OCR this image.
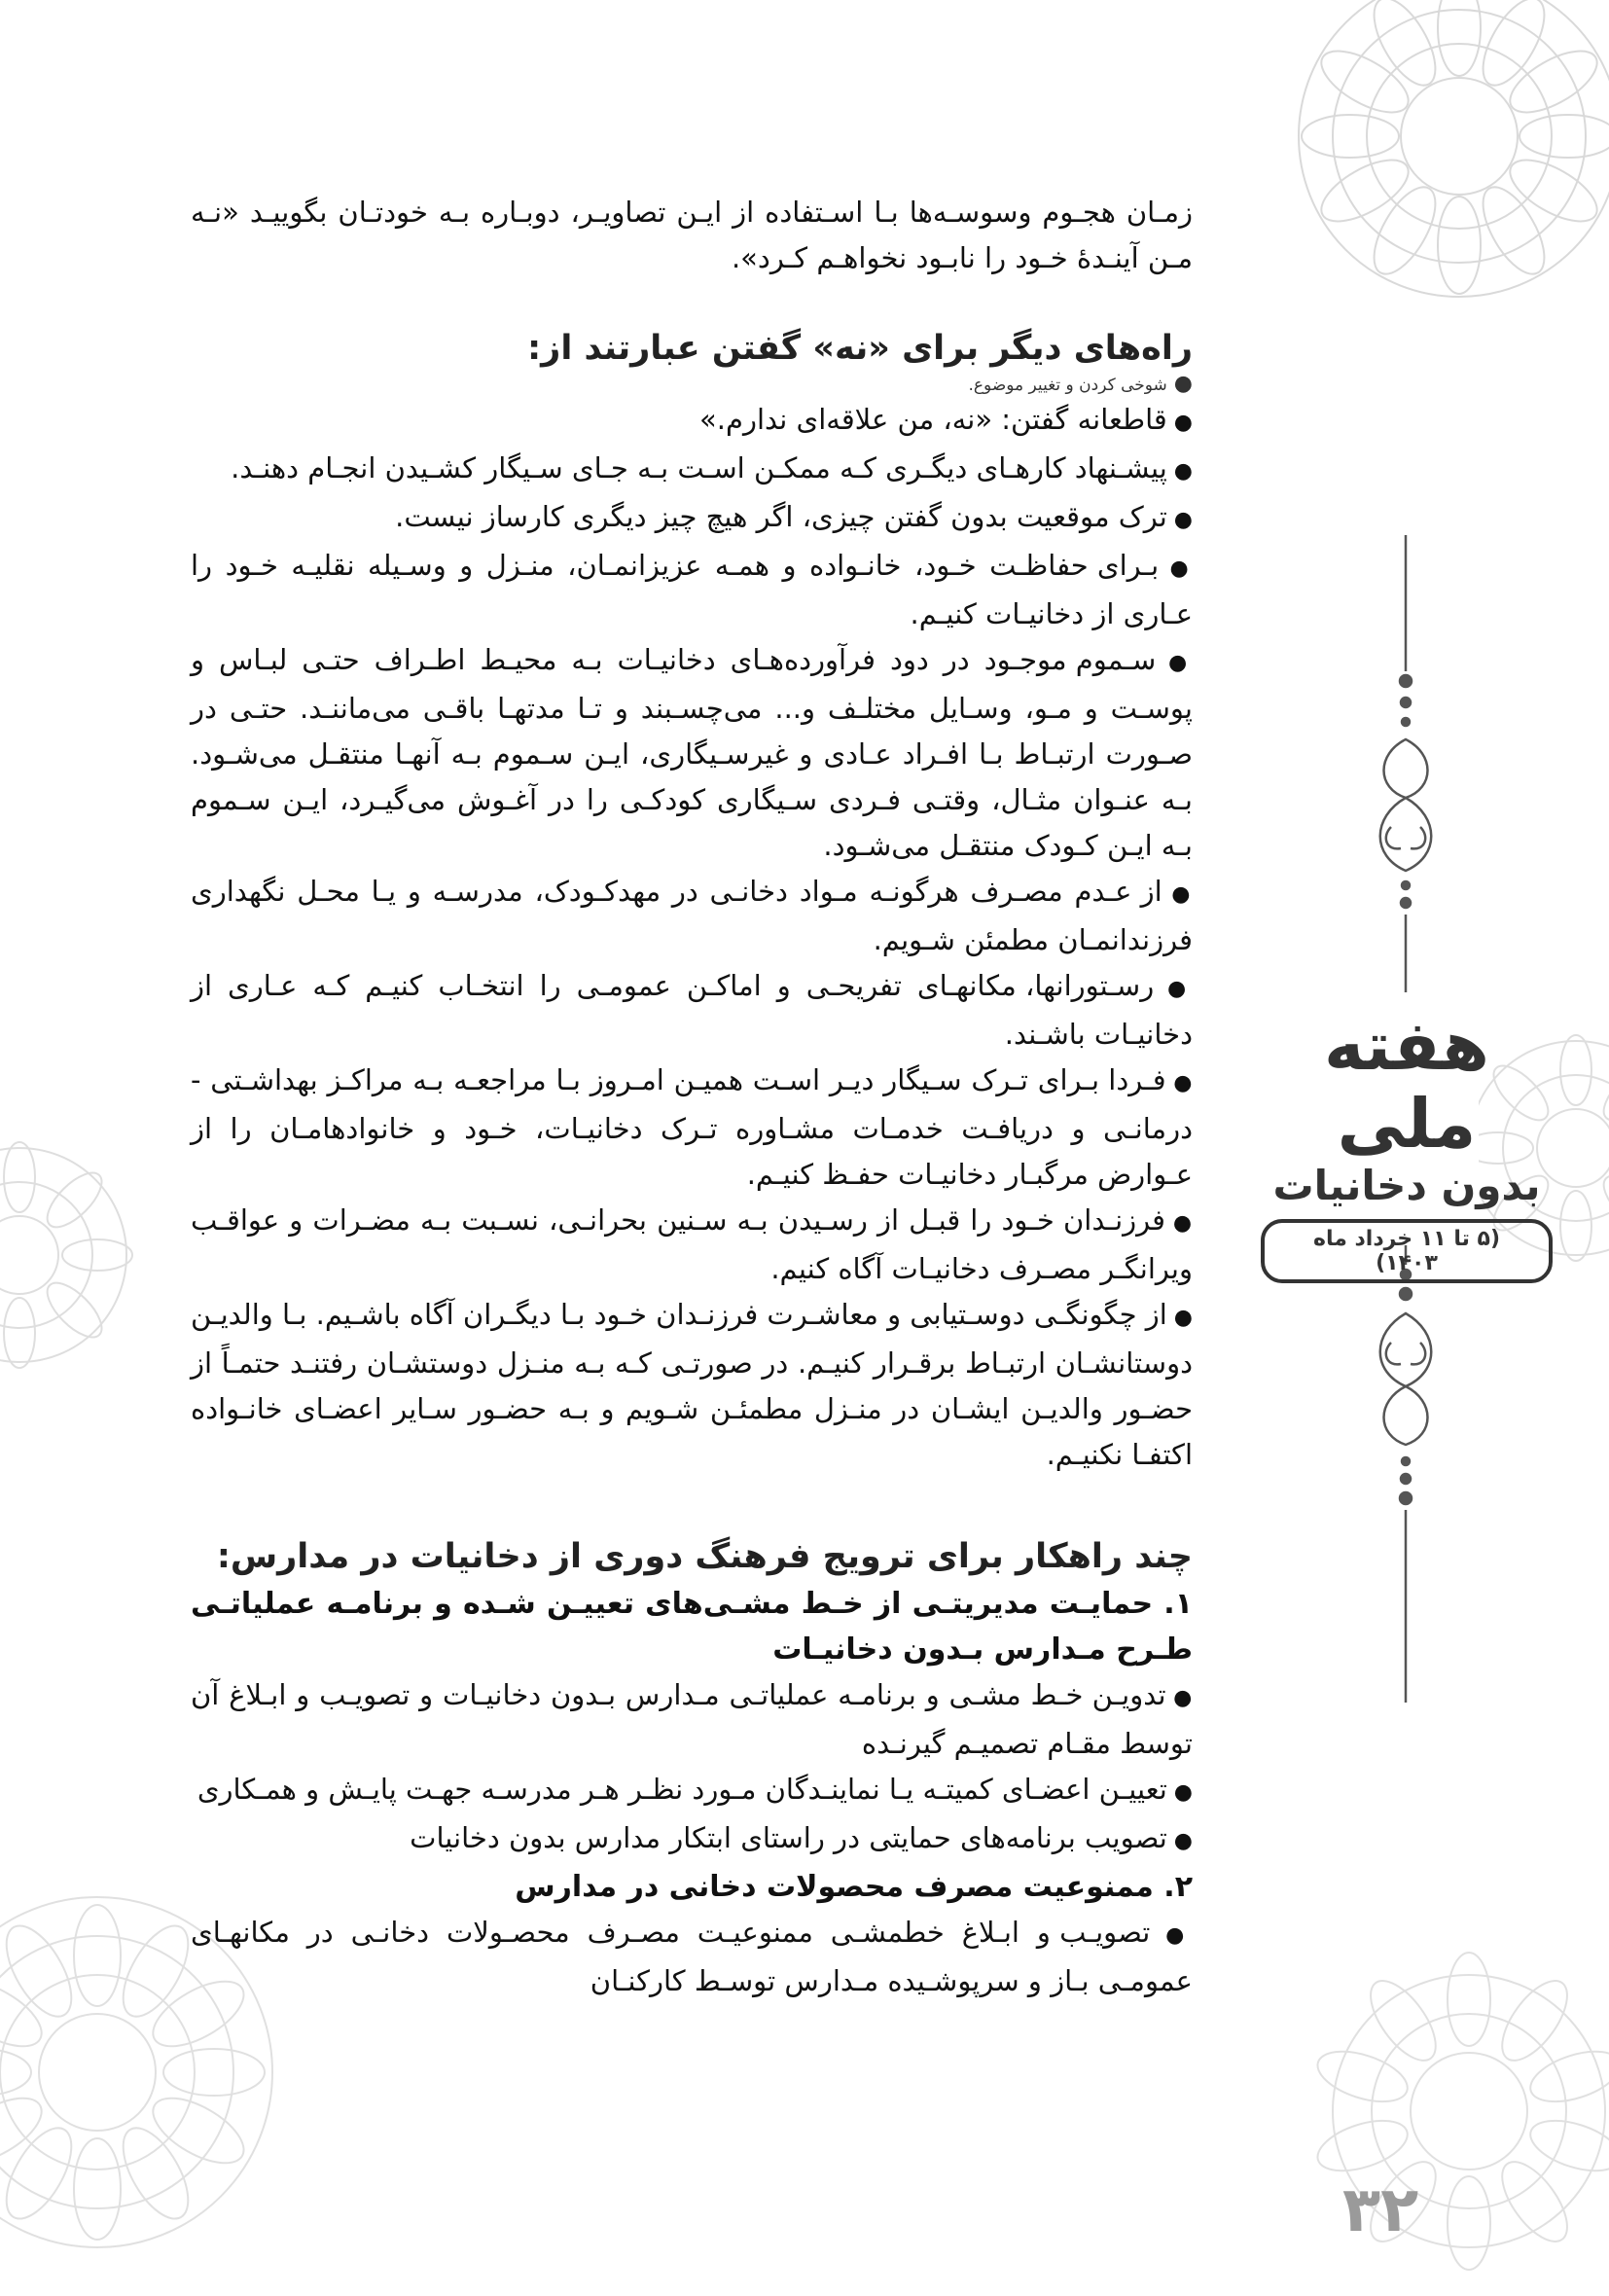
هفته ملی
بدون دخانیات
(۵ تا ۱۱ خرداد ماه ۱۴۰۳)

زمـان هجـوم وسوسـه‌ها بـا اسـتفاده از ایـن تصاویـر، دوبـاره بـه خودتـان بگوییـد «نـه مـن آینـدهٔ خـود را نابـود نخواهـم کـرد».

راه‌های دیگر برای «نه» گفتن عبارتند از:

● شوخی کردن و تغییر موضوع.

● قاطعانه گفتن: «نه، من علاقه‌ای ندارم.»

● پیشـنهاد کارهـای دیگـری کـه ممکـن اسـت بـه جـای سـیگار کشـیدن انجـام دهنـد.

● ترک موقعیت بدون گفتن چیزی، اگر هیچ چیز دیگری کارساز نیست.

● بـرای حفاظـت خـود، خانـواده و همـه عزیزانمـان، منـزل و وسـیله نقلیـه خـود را عـاری از دخانیـات کنیـم.

● سـموم موجـود در دود فرآورده‌هـای دخانیـات بـه محیـط اطـراف حتـی لبـاس و پوسـت و مـو، وسـایل مختلـف و... می‌چسـبند و تـا مدتهـا باقـی می‌ماننـد. حتـی در صـورت ارتبـاط بـا افـراد عـادی و غیرسـیگاری، ایـن سـموم بـه آنهـا منتقـل می‌شـود. بـه عنـوان مثـال، وقتـی فـردی سـیگاری کودکـی را در آغـوش می‌گیـرد، ایـن سـموم بـه ایـن کـودک منتقـل می‌شـود.

● از عـدم مصـرف هرگونـه مـواد دخانـی در مهدکـودک، مدرسـه و یـا محـل نگهداری فرزندانمـان مطمئن شـویم.

● رسـتورانها، مکانهـای تفریحـی و اماکـن عمومـی را انتخـاب کنیـم کـه عـاری از دخانیـات باشـند.

● فـردا بـرای تـرک سـیگار دیـر اسـت همیـن امـروز بـا مراجعـه بـه مراکـز بهداشـتی - درمانـی و دریافـت خدمـات مشـاوره تـرک دخانیـات، خـود و خانوادهامـان را از عـوارض مرگبـار دخانیـات حفـظ کنیـم.

● فرزنـدان خـود را قبـل از رسـیدن بـه سـنین بحرانـی، نسـبت بـه مضـرات و عواقـب ویرانگـر مصـرف دخانیـات آگاه کنیم.

● از چگونگـی دوسـتیابی و معاشـرت فرزنـدان خـود بـا دیگـران آگاه باشـیم. بـا والدیـن دوستانشـان ارتبـاط برقـرار کنیـم. در صورتـی کـه بـه منـزل دوستشـان رفتنـد حتمـاً از حضـور والدیـن ایشـان در منـزل مطمئـن شـویم و بـه حضـور سـایر اعضـای خانـواده اکتفـا نکنیـم.

چند راهکار برای ترویج فرهنگ دوری از دخانیات در مدارس:

۱. حمایـت مدیریتـی از خـط مشـی‌های تعییـن شـده و برنامـه عملیاتـی طـرح مـدارس بـدون دخانیـات

● تدویـن خـط مشـی و برنامـه عملیاتـی مـدارس بـدون دخانیـات و تصویـب و ابـلاغ آن توسط مقـام تصمیـم گیرنـده

● تعییـن اعضـای کمیتـه یـا نماینـدگان مـورد نظـر هـر مدرسـه جهـت پایـش و همـکاری

● تصویب برنامه‌های حمایتی در راستای ابتکار مدارس بدون دخانیات

۲. ممنوعیت مصرف محصولات دخانی در مدارس

● تصویـب و ابـلاغ خطمشـی ممنوعیـت مصـرف محصـولات دخانـی در مکانهـای عمومـی بـاز و سرپوشـیده مـدارس توسـط کارکنـان

۳۲
